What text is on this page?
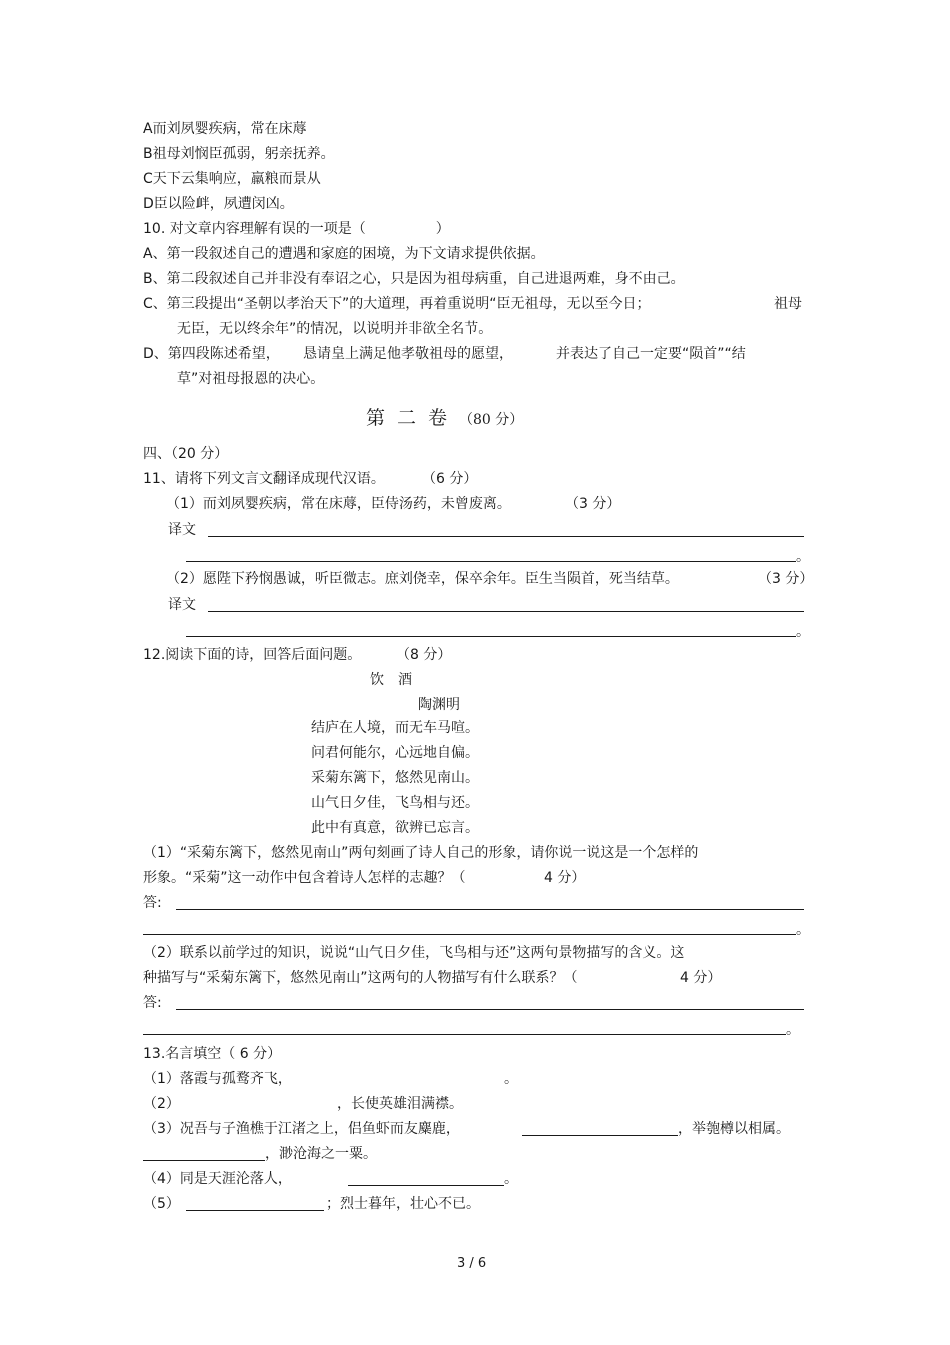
A而刘夙婴疾病，常在床蓐
B祖母刘悯臣孤弱，躬亲抚养。
C天下云集响应，羸粮而景从
D臣以险衅，夙遭闵凶。
10. 对文章内容理解有误的一项是（	）
A、第一段叙述自己的遭遇和家庭的困境，为下文请求提供依据。
B、第二段叙述自己并非没有奉诏之心，只是因为祖母病重，自己进退两难，身不由己。
C、第三段提出“圣朝以孝治天下”的大道理，再着重说明“臣无祖母，无以至今日；	祖母
无臣，无以终余年”的情况，以说明并非欲全名节。
D、第四段陈述希望， 恳请皇上满足他孝敬祖母的愿望，	并表达了自己一定要“陨首”“结
草”对祖母报恩的决心。
第二卷（80 分）
四、（20 分）
11、请将下列文言文翻译成现代汉语。	（6 分）
（1）而刘夙婴疾病，常在床蓐，臣侍汤药，未曾废离。	（3 分）
译文
。
（2）愿陛下矜悯愚诚，听臣微志。庶刘侥幸，保卒余年。臣生当陨首，死当结草。	（3 分）
译文
。
12.阅读下面的诗，回答后面问题。 （8 分）
饮　酒
陶渊明
结庐在人境，而无车马喧。
问君何能尔，心远地自偏。
采菊东篱下，悠然见南山。
山气日夕佳，飞鸟相与还。
此中有真意，欲辨已忘言。
（1）“采菊东篱下，悠然见南山”两句刻画了诗人自己的形象，请你说一说这是一个怎样的
形象。“采菊”这一动作中包含着诗人怎样的志趣？（	4 分）
答:
。
（2）联系以前学过的知识，说说“山气日夕佳，飞鸟相与还”这两句景物描写的含义。这
种描写与“采菊东篱下，悠然见南山”这两句的人物描写有什么联系？（	4 分）
答:
。
13.名言填空（ 6 分）
（1）落霞与孤鹜齐飞，	。
（2）	，长使英雄泪满襟。
（3）况吾与子渔樵于江渚之上，侣鱼虾而友麋鹿，	，举匏樽以相属。
，渺沧海之一粟。
（4）同是天涯沦落人，	。
（5）	；烈士暮年，壮心不已。
3 / 6
